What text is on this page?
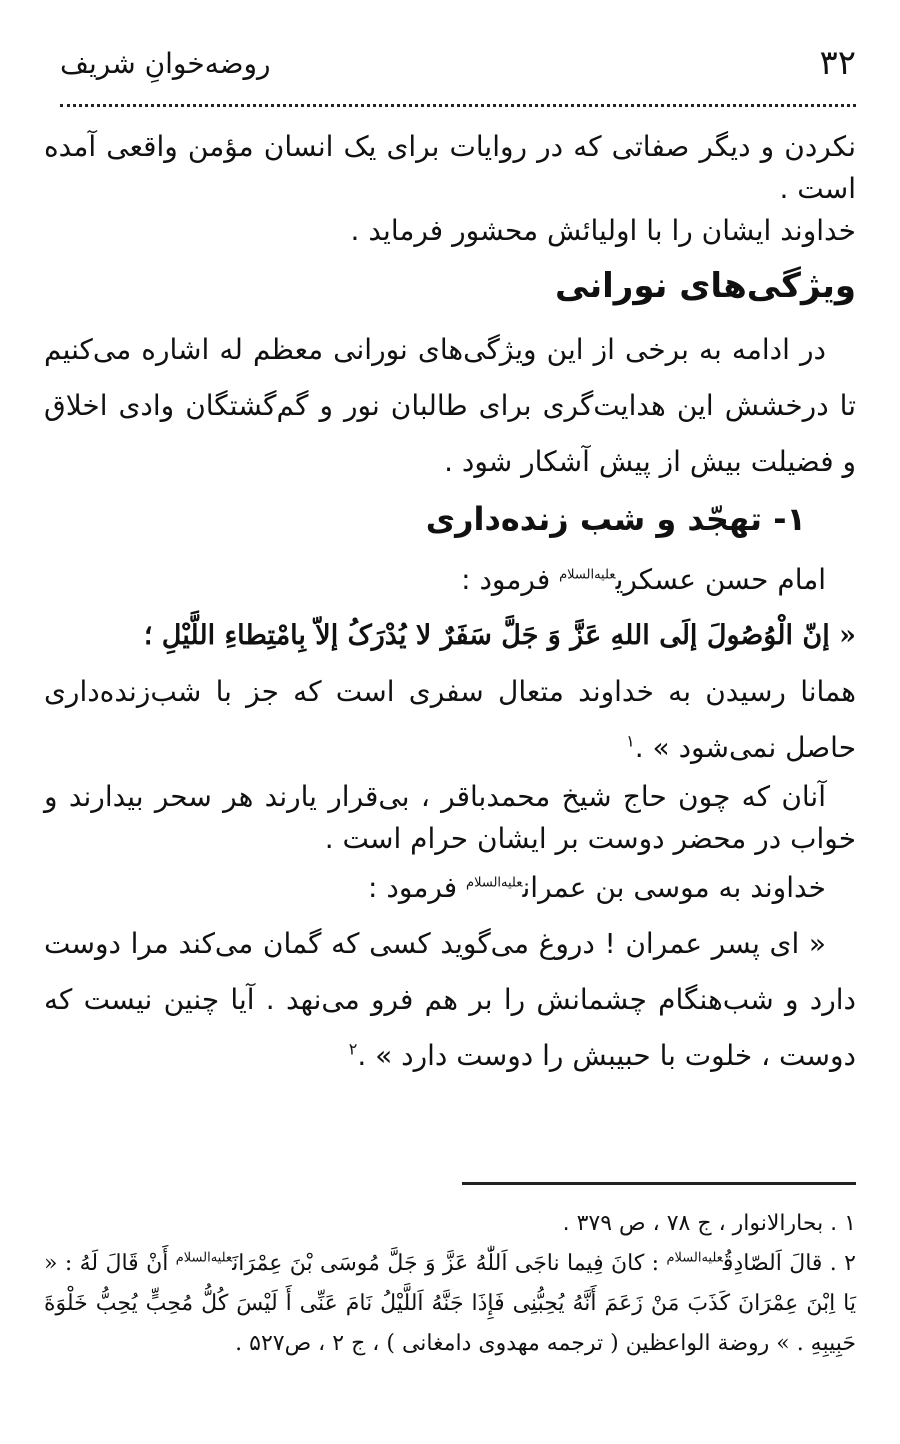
۳۲
روضه‌خوانِ شریف

نکردن و دیگر صفاتی که در روایات برای یک انسان مؤمن واقعی آمده است .

خداوند ایشان را با اولیائش محشور فرماید .

ویژگی‌های نورانی

در ادامه به برخی از این ویژگی‌های نورانی معظم له اشاره می‌کنیم تا درخشش این هدایت‌گری برای طالبان نور و گم‌گشتگان وادی اخلاق و فضیلت بیش از پیش آشکار شود .

۱- تهجّد و شب زنده‌داری

امام حسن عسکری$^{علیه‌السلام}$ فرمود :

« إنّ الْوُصُولَ إلَی اللهِ عَزَّ وَ جَلَّ سَفَرٌ لا یُدْرَکُ إلاّ بِامْتِطاءِ اللَّیْلِ ؛

همانا رسیدن به خداوند متعال سفری است که جز با شب‌زنده‌داری حاصل نمی‌شود » .$^۱$

آنان که چون حاج شیخ محمدباقر ، بی‌قرار یارند هر سحر بیدارند و خواب در محضر دوست بر ایشان حرام است .

خداوند به موسی بن عمران$^{علیه‌السلام}$ فرمود :

« ای پسر عمران ! دروغ می‌گوید کسی که گمان می‌کند مرا دوست دارد و شب‌هنگام چشمانش را بر هم فرو می‌نهد . آیا چنین نیست که دوست ، خلوت با حبیبش را دوست دارد » .$^۲$

۱ . بحارالانوار ، ج ۷۸ ، ص ۳۷۹ .

۲ . قالَ اَلصّادِقُ$^{علیه‌السلام}$ : کانَ فِیما ناجَی اَللّٰهُ عَزَّ وَ جَلَّ مُوسَی بْنَ عِمْرَانَ$^{علیه‌السلام}$ أَنْ قَالَ لَهُ : « یَا اِبْنَ عِمْرَانَ کَذَبَ مَنْ زَعَمَ أَنَّهُ یُحِبُّنِی فَإِذَا جَنَّهُ اَللَّیْلُ نَامَ عَنِّی أَ لَیْسَ کُلُّ مُحِبٍّ یُحِبُّ خَلْوَةَ حَبِیبِهِ . » روضة الواعظین ( ترجمه مهدوی دامغانی ) ، ج ۲ ، ص۵۲۷ .
